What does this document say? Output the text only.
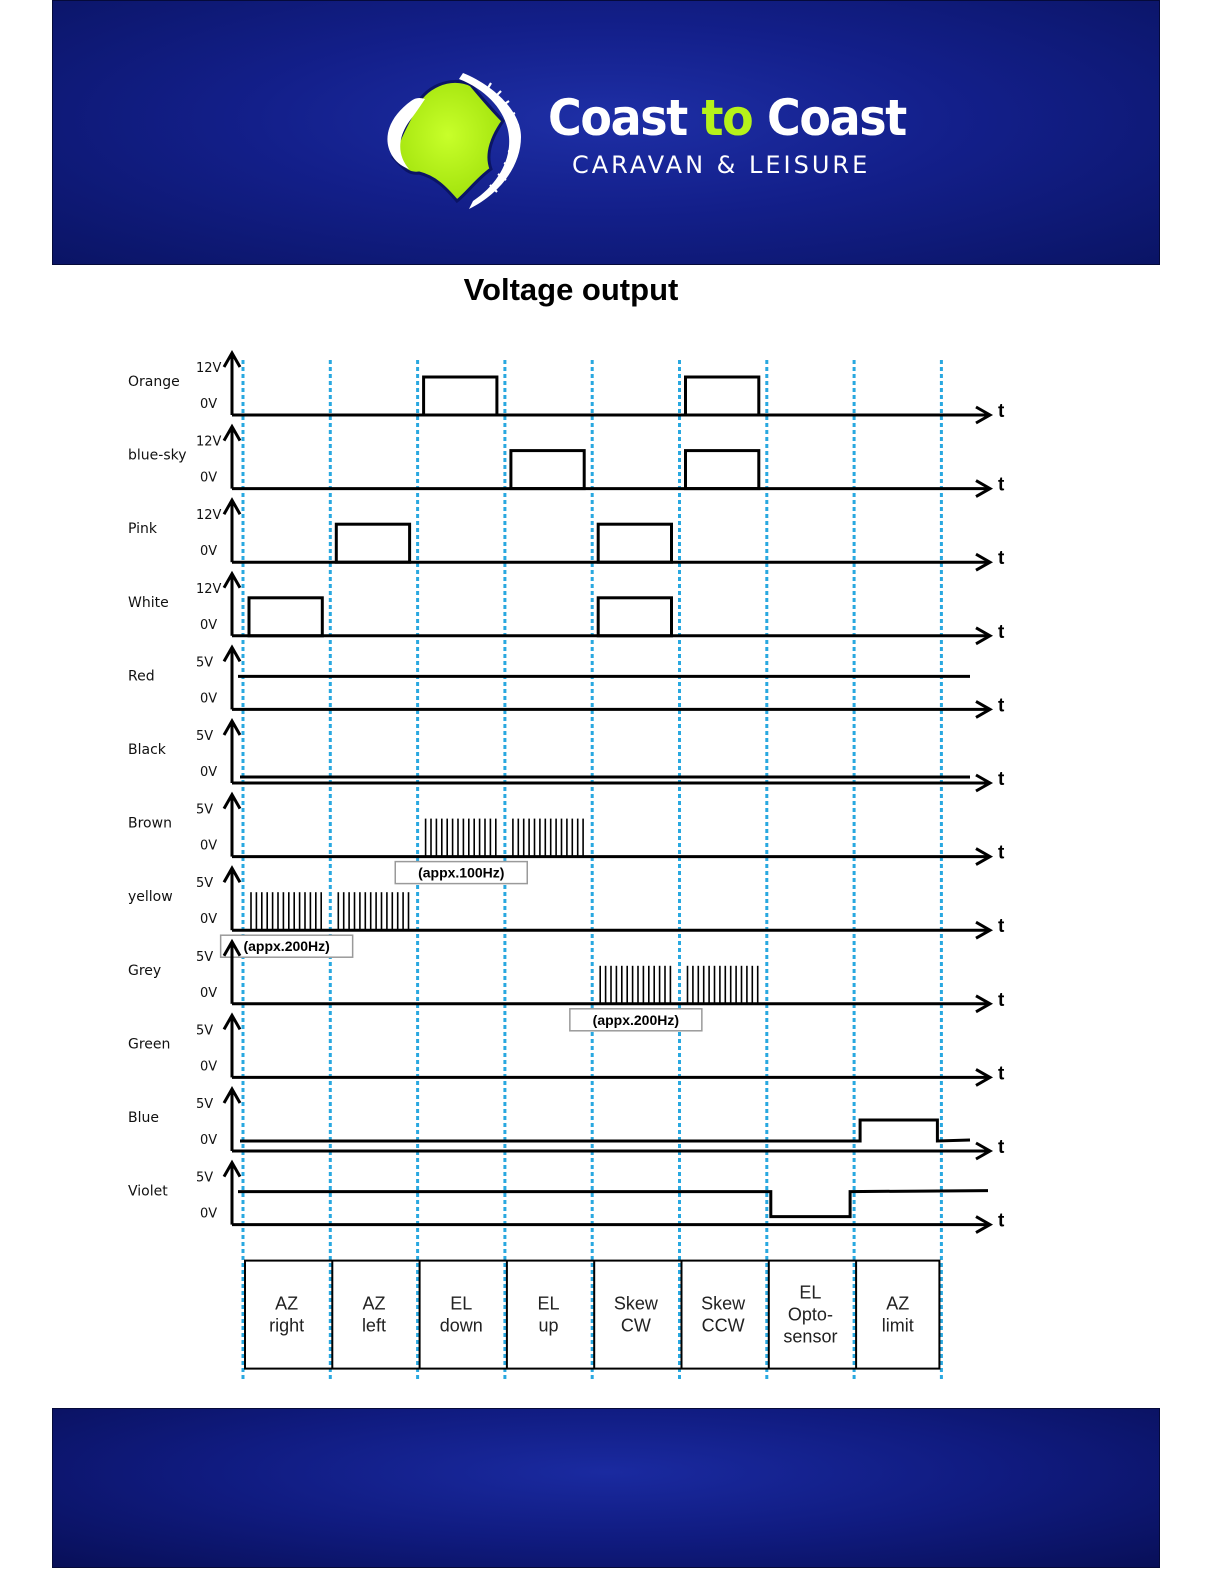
Coast to Coast
CARAVAN & LEISURE
Voltage output
Orange
12V
0V	t
blue-sky
12V
0V	t
Pink
12V
0V	t
White
12V
0V	t
Red
5V
0V	t
Black
5V
0V	t
Brown
5V
0V	t
(appx.100Hz)
yellow
5V
0V	t
(appx.200Hz)
Grey
5V
0V	t
(appx.200Hz)
Green
5V
0V	t
Blue
5V
0V	t
Violet
5V
0V	t
AZ
right
AZ
left
EL
down
EL
up
Skew
CW
Skew
CCW
EL
Opto-
sensor
AZ
limit
